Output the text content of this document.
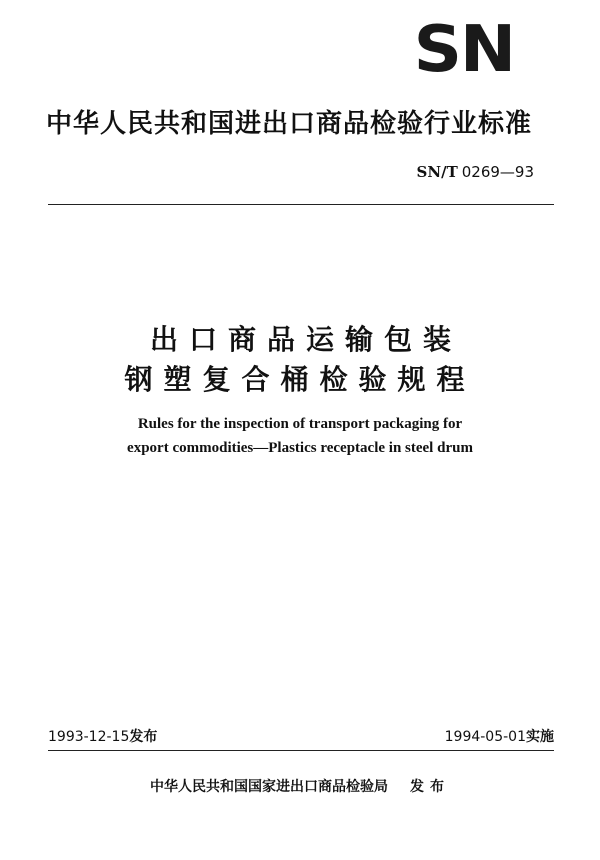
SN
中华人民共和国进出口商品检验行业标准
SN/T 0269—93
出口商品运输包装
钢塑复合桶检验规程
Rules for the inspection of transport packaging for
export commodities—Plastics receptacle in steel drum
1993-12-15发布	1994-05-01实施
中华人民共和国国家进出口商品检验局 发布
